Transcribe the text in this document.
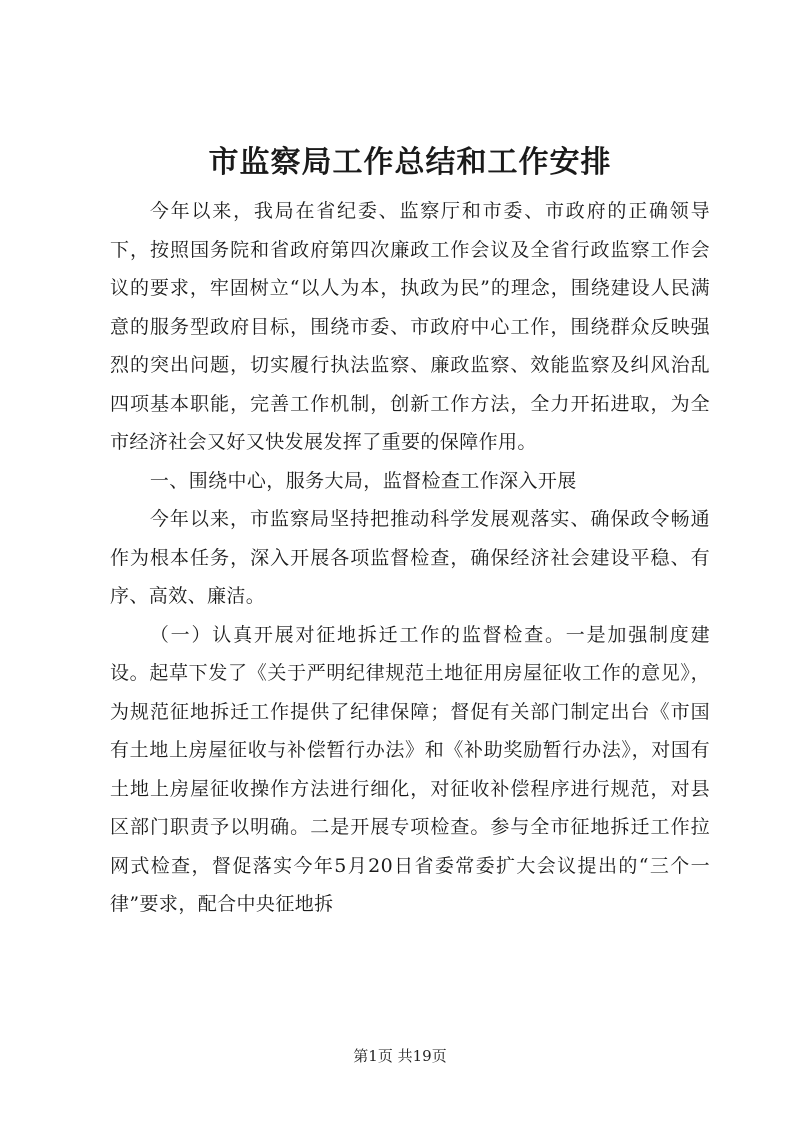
市监察局工作总结和工作安排

今年以来，我局在省纪委、监察厅和市委、市政府的正确领导下，按照国务院和省政府第四次廉政工作会议及全省行政监察工作会议的要求，牢固树立“以人为本，执政为民”的理念，围绕建设人民满意的服务型政府目标，围绕市委、市政府中心工作，围绕群众反映强烈的突出问题，切实履行执法监察、廉政监察、效能监察及纠风治乱四项基本职能，完善工作机制，创新工作方法，全力开拓进取，为全市经济社会又好又快发展发挥了重要的保障作用。

一、围绕中心，服务大局，监督检查工作深入开展

今年以来，市监察局坚持把推动科学发展观落实、确保政令畅通作为根本任务，深入开展各项监督检查，确保经济社会建设平稳、有序、高效、廉洁。

（一）认真开展对征地拆迁工作的监督检查。一是加强制度建设。起草下发了《关于严明纪律规范土地征用房屋征收工作的意见》，为规范征地拆迁工作提供了纪律保障；督促有关部门制定出台《市国有土地上房屋征收与补偿暂行办法》和《补助奖励暂行办法》，对国有土地上房屋征收操作方法进行细化，对征收补偿程序进行规范，对县区部门职责予以明确。二是开展专项检查。参与全市征地拆迁工作拉网式检查，督促落实今年5月20日省委常委扩大会议提出的“三个一律”要求，配合中央征地拆

第1页 共19页
